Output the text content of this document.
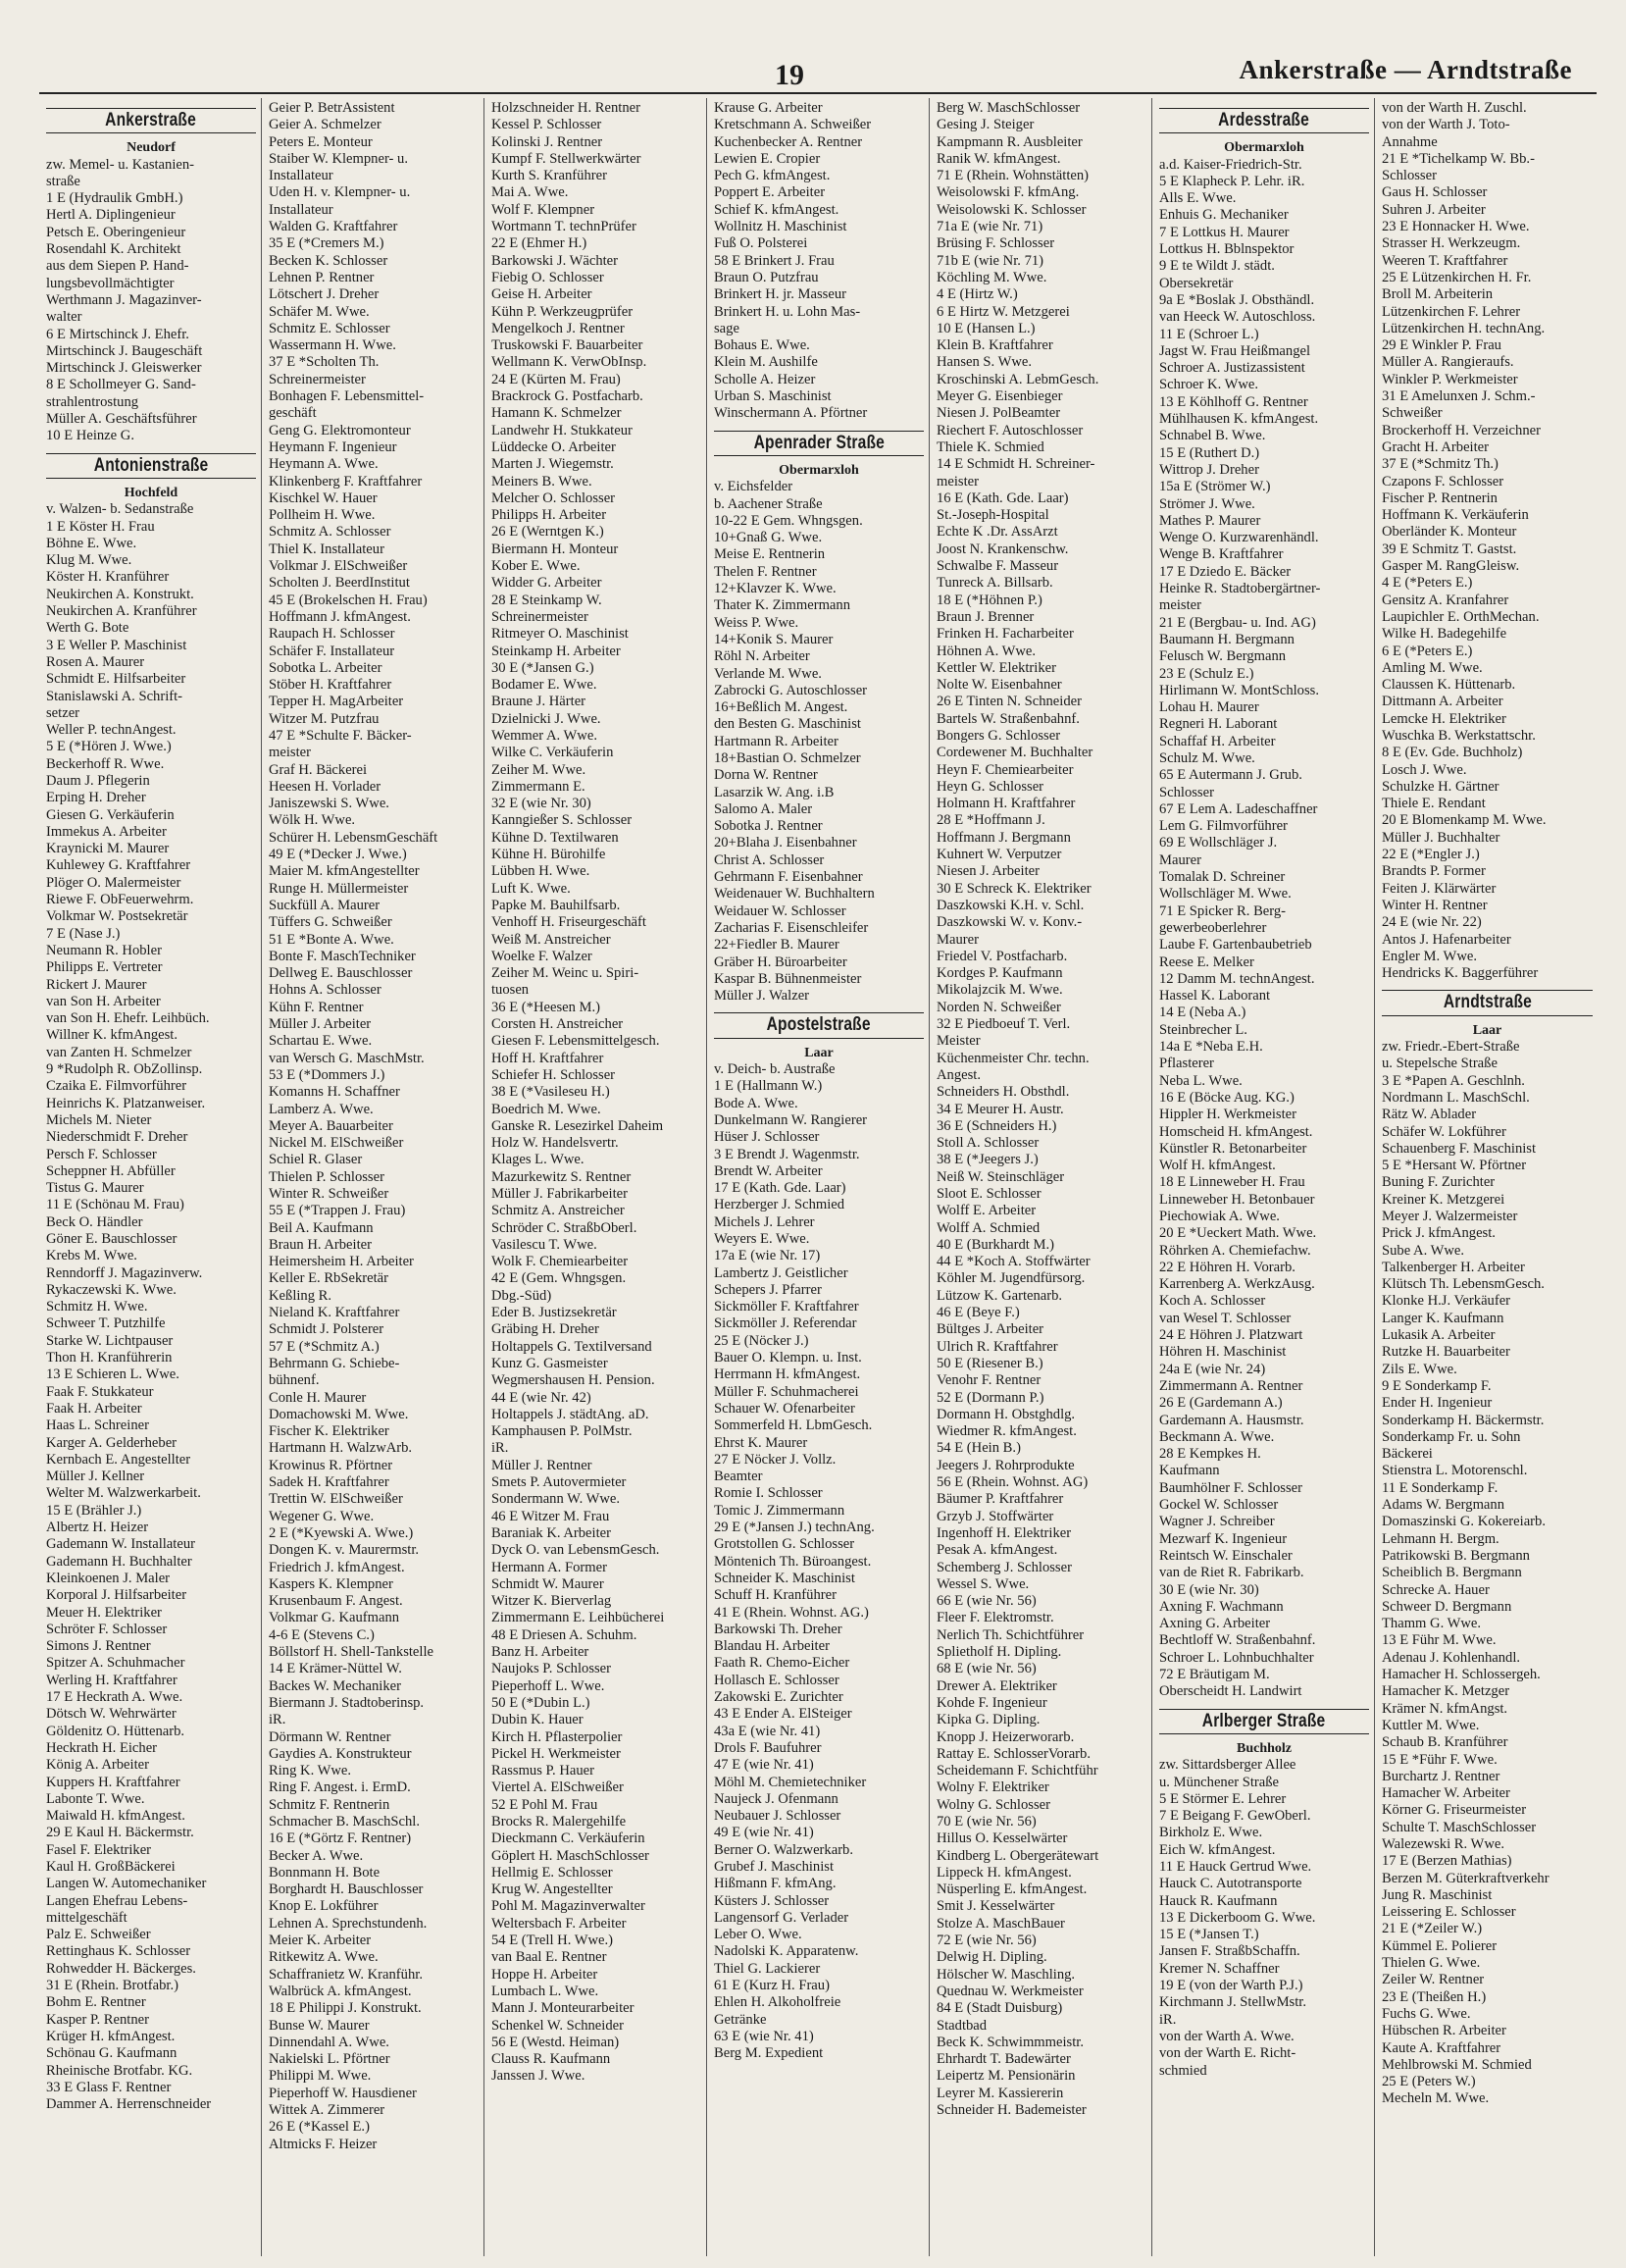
19	Ankerstraße — Arndtstraße
Ankerstraße
Neudorf
zw. Memel- u. Kastanien-
straße
1 E (Hydraulik GmbH.)
Hertl A. Diplingenieur
Petsch E. Oberingenieur
Rosendahl K. Architekt
aus dem Siepen P. Hand-
lungsbevollmächtigter
Werthmann J. Magazinver-
walter
6 E Mirtschinck J. Ehefr.
Mirtschinck J. Baugeschäft
Mirtschinck J. Gleiswerker
8 E Schollmeyer G. Sand-
strahlentrostung
Müller A. Geschäftsführer
10 E Heinze G.
Antonienstraße
Hochfeld
v. Walzen- b. Sedanstraße
1 E Köster H. Frau
Böhne E. Wwe.
Klug M. Wwe.
Köster H. Kranführer
Neukirchen A. Konstrukt.
Neukirchen A. Kranführer
Werth G. Bote
3 E Weller P. Maschinist
Rosen A. Maurer
Schmidt E. Hilfsarbeiter
Stanislawski A. Schrift-
setzer
Weller P. technAngest.
5 E (*Hören J. Wwe.)
Beckerhoff R. Wwe.
Daum J. Pflegerin
Erping H. Dreher
Giesen G. Verkäuferin
Immekus A. Arbeiter
Kraynicki M. Maurer
Kuhlewey G. Kraftfahrer
Plöger O. Malermeister
Riewe F. ObFeuerwehrm.
Volkmar W. Postsekretär
7 E (Nase J.)
Neumann R. Hobler
Philipps E. Vertreter
Rickert J. Maurer
van Son H. Arbeiter
van Son H. Ehefr. Leihbüch.
Willner K. kfmAngest.
van Zanten H. Schmelzer
9 *Rudolph R. ObZollinsp.
Czaika E. Filmvorführer
Heinrichs K. Platzanweiser.
Michels M. Nieter
Niederschmidt F. Dreher
Persch F. Schlosser
Scheppner H. Abfüller
Tistus G. Maurer
11 E (Schönau M. Frau)
Beck O. Händler
Göner E. Bauschlosser
Krebs M. Wwe.
Renndorff J. Magazinverw.
Rykaczewski K. Wwe.
Schmitz H. Wwe.
Schweer T. Putzhilfe
Starke W. Lichtpauser
Thon H. Kranführerin
13 E Schieren L. Wwe.
Faak F. Stukkateur
Faak H. Arbeiter
Haas L. Schreiner
Karger A. Gelderheber
Kernbach E. Angestellter
Müller J. Kellner
Welter M. Walzwerkarbeit.
15 E (Brähler J.)
Albertz H. Heizer
Gademann W. Installateur
Gademann H. Buchhalter
Kleinkoenen J. Maler
Korporal J. Hilfsarbeiter
Meuer H. Elektriker
Schröter F. Schlosser
Simons J. Rentner
Spitzer A. Schuhmacher
Werling H. Kraftfahrer
17 E Heckrath A. Wwe.
Dötsch W. Wehrwärter
Göldenitz O. Hüttenarb.
Heckrath H. Eicher
König A. Arbeiter
Kuppers H. Kraftfahrer
Labonte T. Wwe.
Maiwald H. kfmAngest.
29 E Kaul H. Bäckermstr.
Fasel F. Elektriker
Kaul H. GroßBäckerei
Langen W. Automechaniker
Langen Ehefrau Lebens-
mittelgeschäft
Palz E. Schweißer
Rettinghaus K. Schlosser
Rohwedder H. Bäckerges.
31 E (Rhein. Brotfabr.)
Bohm E. Rentner
Kasper P. Rentner
Krüger H. kfmAngest.
Schönau G. Kaufmann
Rheinische Brotfabr. KG.
33 E Glass F. Rentner
Dammer A. Herrenschneider
Geier P. BetrAssistent
Geier A. Schmelzer
Peters E. Monteur
Staiber W. Klempner- u.
Installateur
Uden H. v. Klempner- u.
Installateur
Walden G. Kraftfahrer
35 E (*Cremers M.)
Becken K. Schlosser
Lehnen P. Rentner
Lötschert J. Dreher
Schäfer M. Wwe.
Schmitz E. Schlosser
Wassermann H. Wwe.
37 E *Scholten Th.
Schreinermeister
Bonhagen F. Lebensmittel-
geschäft
Geng G. Elektromonteur
Heymann F. Ingenieur
Heymann A. Wwe.
Klinkenberg F. Kraftfahrer
Kischkel W. Hauer
Pollheim H. Wwe.
Schmitz A. Schlosser
Thiel K. Installateur
Volkmar J. ElSchweißer
Scholten J. BeerdInstitut
45 E (Brokelschen H. Frau)
Hoffmann J. kfmAngest.
Raupach H. Schlosser
Schäfer F. Installateur
Sobotka L. Arbeiter
Stöber H. Kraftfahrer
Tepper H. MagArbeiter
Witzer M. Putzfrau
47 E *Schulte F. Bäcker-
meister
Graf H. Bäckerei
Heesen H. Vorlader
Janiszewski S. Wwe.
Wölk H. Wwe.
Schürer H. LebensmGeschäft
49 E (*Decker J. Wwe.)
Maier M. kfmAngestellter
Runge H. Müllermeister
Suckfüll A. Maurer
Tüffers G. Schweißer
51 E *Bonte A. Wwe.
Bonte F. MaschTechniker
Dellweg E. Bauschlosser
Hohns A. Schlosser
Kühn F. Rentner
Müller J. Arbeiter
Schartau E. Wwe.
van Wersch G. MaschMstr.
53 E (*Dommers J.)
Komanns H. Schaffner
Lamberz A. Wwe.
Meyer A. Bauarbeiter
Nickel M. ElSchweißer
Schiel R. Glaser
Thielen P. Schlosser
Winter R. Schweißer
55 E (*Trappen J. Frau)
Beil A. Kaufmann
Braun H. Arbeiter
Heimersheim H. Arbeiter
Keller E. RbSekretär
Keßling R.
Nieland K. Kraftfahrer
Schmidt J. Polsterer
57 E (*Schmitz A.)
Behrmann G. Schiebe-
bühnenf.
Conle H. Maurer
Domachowski M. Wwe.
Fischer K. Elektriker
Hartmann H. WalzwArb.
Krowinus R. Pförtner
Sadek H. Kraftfahrer
Trettin W. ElSchweißer
Wegener G. Wwe.
2 E (*Kyewski A. Wwe.)
Dongen K. v. Maurermstr.
Friedrich J. kfmAngest.
Kaspers K. Klempner
Krusenbaum F. Angest.
Volkmar G. Kaufmann
4-6 E (Stevens C.)
Böllstorf H. Shell-Tankstelle
14 E Krämer-Nüttel W.
Backes W. Mechaniker
Biermann J. Stadtoberinsp.
iR.
Dörmann W. Rentner
Gaydies A. Konstrukteur
Ring K. Wwe.
Ring F. Angest. i. ErmD.
Schmitz F. Rentnerin
Schmacher B. MaschSchl.
16 E (*Görtz F. Rentner)
Becker A. Wwe.
Bonnmann H. Bote
Borghardt H. Bauschlosser
Knop E. Lokführer
Lehnen A. Sprechstundenh.
Meier K. Arbeiter
Ritkewitz A. Wwe.
Schaffranietz W. Kranführ.
Walbrück A. kfmAngest.
18 E Philippi J. Konstrukt.
Bunse W. Maurer
Dinnendahl A. Wwe.
Nakielski L. Pförtner
Philippi M. Wwe.
Pieperhoff W. Hausdiener
Wittek A. Zimmerer
26 E (*Kassel E.)
Altmicks F. Heizer
Holzschneider H. Rentner
Kessel P. Schlosser
Kolinski J. Rentner
Kumpf F. Stellwerkwärter
Kurth S. Kranführer
Mai A. Wwe.
Wolf F. Klempner
Wortmann T. technPrüfer
22 E (Ehmer H.)
Barkowski J. Wächter
Fiebig O. Schlosser
Geise H. Arbeiter
Kühn P. Werkzeugprüfer
Mengelkoch J. Rentner
Truskowski F. Bauarbeiter
Wellmann K. VerwObInsp.
24 E (Kürten M. Frau)
Brackrock G. Postfacharb.
Hamann K. Schmelzer
Landwehr H. Stukkateur
Lüddecke O. Arbeiter
Marten J. Wiegemstr.
Meiners B. Wwe.
Melcher O. Schlosser
Philipps H. Arbeiter
26 E (Werntgen K.)
Biermann H. Monteur
Kober E. Wwe.
Widder G. Arbeiter
28 E Steinkamp W.
Schreinermeister
Ritmeyer O. Maschinist
Steinkamp H. Arbeiter
30 E (*Jansen G.)
Bodamer E. Wwe.
Braune J. Härter
Dzielnicki J. Wwe.
Wemmer A. Wwe.
Wilke C. Verkäuferin
Zeiher M. Wwe.
Zimmermann E.
32 E (wie Nr. 30)
Kanngießer S. Schlosser
Kühne D. Textilwaren
Kühne H. Bürohilfe
Lübben H. Wwe.
Luft K. Wwe.
Papke M. Bauhilfsarb.
Venhoff H. Friseurgeschäft
Weiß M. Anstreicher
Woelke F. Walzer
Zeiher M. Weinc u. Spiri-
tuosen
36 E (*Heesen M.)
Corsten H. Anstreicher
Giesen F. Lebensmittelgesch.
Hoff H. Kraftfahrer
Schiefer H. Schlosser
38 E (*Vasileseu H.)
Boedrich M. Wwe.
Ganske R. Lesezirkel Daheim
Holz W. Handelsvertr.
Klages L. Wwe.
Mazurkewitz S. Rentner
Müller J. Fabrikarbeiter
Schmitz A. Anstreicher
Schröder C. StraßbOberl.
Vasilescu T. Wwe.
Wolk F. Chemiearbeiter
42 E (Gem. Whngsgen.
Dbg.-Süd)
Eder B. Justizsekretär
Gräbing H. Dreher
Holtappels G. Textilversand
Kunz G. Gasmeister
Wegmershausen H. Pension.
44 E (wie Nr. 42)
Holtappels J. städtAng. aD.
Kamphausen P. PolMstr.
iR.
Müller J. Rentner
Smets P. Autovermieter
Sondermann W. Wwe.
46 E Witzer M. Frau
Baraniak K. Arbeiter
Dyck O. van LebensmGesch.
Hermann A. Former
Schmidt W. Maurer
Witzer K. Bierverlag
Zimmermann E. Leihbücherei
48 E Driesen A. Schuhm.
Banz H. Arbeiter
Naujoks P. Schlosser
Pieperhoff L. Wwe.
50 E (*Dubin L.)
Dubin K. Hauer
Kirch H. Pflasterpolier
Pickel H. Werkmeister
Rassmus P. Hauer
Viertel A. ElSchweißer
52 E Pohl M. Frau
Brocks R. Malergehilfe
Dieckmann C. Verkäuferin
Göplert H. MaschSchlosser
Hellmig E. Schlosser
Krug W. Angestellter
Pohl M. Magazinverwalter
Weltersbach F. Arbeiter
54 E (Trell H. Wwe.)
van Baal E. Rentner
Hoppe H. Arbeiter
Lumbach L. Wwe.
Mann J. Monteurarbeiter
Schenkel W. Schneider
56 E (Westd. Heiman)
Clauss R. Kaufmann
Janssen J. Wwe.
Krause G. Arbeiter
Kretschmann A. Schweißer
Kuchenbecker A. Rentner
Lewien E. Cropier
Pech G. kfmAngest.
Poppert E. Arbeiter
Schief K. kfmAngest.
Wollnitz H. Maschinist
Fuß O. Polsterei
58 E Brinkert J. Frau
Braun O. Putzfrau
Brinkert H. jr. Masseur
Brinkert H. u. Lohn Mas-
sage
Bohaus E. Wwe.
Klein M. Aushilfe
Scholle A. Heizer
Urban S. Maschinist
Winschermann A. Pförtner
Apenrader Straße
Obermarxloh
v. Eichsfelder
b. Aachener Straße
10-22 E Gem. Whngsgen.
10+Gnaß G. Wwe.
Meise E. Rentnerin
Thelen F. Rentner
12+Klavzer K. Wwe.
Thater K. Zimmermann
Weiss P. Wwe.
14+Konik S. Maurer
Röhl N. Arbeiter
Verlande M. Wwe.
Zabrocki G. Autoschlosser
16+Beßlich M. Angest.
den Besten G. Maschinist
Hartmann R. Arbeiter
18+Bastian O. Schmelzer
Dorna W. Rentner
Lasarzik W. Ang. i.B
Salomo A. Maler
Sobotka J. Rentner
20+Blaha J. Eisenbahner
Christ A. Schlosser
Gehrmann F. Eisenbahner
Weidenauer W. Buchhaltern
Weidauer W. Schlosser
Zacharias F. Eisenschleifer
22+Fiedler B. Maurer
Gräber H. Büroarbeiter
Kaspar B. Bühnenmeister
Müller J. Walzer
Apostelstraße
Laar
v. Deich- b. Austraße
1 E (Hallmann W.)
Bode A. Wwe.
Dunkelmann W. Rangierer
Hüser J. Schlosser
3 E Brendt J. Wagenmstr.
Brendt W. Arbeiter
17 E (Kath. Gde. Laar)
Herzberger J. Schmied
Michels J. Lehrer
Weyers E. Wwe.
17a E (wie Nr. 17)
Lambertz J. Geistlicher
Schepers J. Pfarrer
Sickmöller F. Kraftfahrer
Sickmöller J. Referendar
25 E (Nöcker J.)
Bauer O. Klempn. u. Inst.
Herrmann H. kfmAngest.
Müller F. Schuhmacherei
Schauer W. Ofenarbeiter
Sommerfeld H. LbmGesch.
Ehrst K. Maurer
27 E Nöcker J. Vollz.
Beamter
Romie I. Schlosser
Tomic J. Zimmermann
29 E (*Jansen J.) technAng.
Grotstollen G. Schlosser
Möntenich Th. Büroangest.
Schneider K. Maschinist
Schuff H. Kranführer
41 E (Rhein. Wohnst. AG.)
Barkowski Th. Dreher
Blandau H. Arbeiter
Faath R. Chemo-Eicher
Hollasch E. Schlosser
Zakowski E. Zurichter
43 E Ender A. ElSteiger
43a E (wie Nr. 41)
Drols F. Baufuhrer
47 E (wie Nr. 41)
Möhl M. Chemietechniker
Naujeck J. Ofenmann
Neubauer J. Schlosser
49 E (wie Nr. 41)
Berner O. Walzwerkarb.
Grubef J. Maschinist
Hißmann F. kfmAng.
Küsters J. Schlosser
Langensorf G. Verlader
Leber O. Wwe.
Nadolski K. Apparatenw.
Thiel G. Lackierer
61 E (Kurz H. Frau)
Ehlen H. Alkoholfreie
Getränke
63 E (wie Nr. 41)
Berg M. Expedient
Berg W. MaschSchlosser
Gesing J. Steiger
Kampmann R. Ausbleiter
Ranik W. kfmAngest.
71 E (Rhein. Wohnstätten)
Weisolowski F. kfmAng.
Weisolowski K. Schlosser
71a E (wie Nr. 71)
Brüsing F. Schlosser
71b E (wie Nr. 71)
Köchling M. Wwe.
4 E (Hirtz W.)
6 E Hirtz W. Metzgerei
10 E (Hansen L.)
Klein B. Kraftfahrer
Hansen S. Wwe.
Kroschinski A. LebmGesch.
Meyer G. Eisenbieger
Niesen J. PolBeamter
Riechert F. Autoschlosser
Thiele K. Schmied
14 E Schmidt H. Schreiner-
meister
16 E (Kath. Gde. Laar)
St.-Joseph-Hospital
Echte K .Dr. AssArzt
Joost N. Krankenschw.
Schwalbe F. Masseur
Tunreck A. Billsarb.
18 E (*Höhnen P.)
Braun J. Brenner
Frinken H. Facharbeiter
Höhnen A. Wwe.
Kettler W. Elektriker
Nolte W. Eisenbahner
26 E Tinten N. Schneider
Bartels W. Straßenbahnf.
Bongers G. Schlosser
Cordewener M. Buchhalter
Heyn F. Chemiearbeiter
Heyn G. Schlosser
Holmann H. Kraftfahrer
28 E *Hoffmann J.
Hoffmann J. Bergmann
Kuhnert W. Verputzer
Niesen J. Arbeiter
30 E Schreck K. Elektriker
Daszkowski K.H. v. Schl.
Daszkowski W. v. Konv.-
Maurer
Friedel V. Postfacharb.
Kordges P. Kaufmann
Mikolajzcik M. Wwe.
Norden N. Schweißer
32 E Piedboeuf T. Verl.
Meister
Küchenmeister Chr. techn.
Angest.
Schneiders H. Obsthdl.
34 E Meurer H. Austr.
36 E (Schneiders H.)
Stoll A. Schlosser
38 E (*Jeegers J.)
Neiß W. Steinschläger
Sloot E. Schlosser
Wolff E. Arbeiter
Wolff A. Schmied
40 E (Burkhardt M.)
44 E *Koch A. Stoffwärter
Köhler M. Jugendfürsorg.
Lützow K. Gartenarb.
46 E (Beye F.)
Bültges J. Arbeiter
Ulrich R. Kraftfahrer
50 E (Riesener B.)
Venohr F. Rentner
52 E (Dormann P.)
Dormann H. Obstghdlg.
Wiedmer R. kfmAngest.
54 E (Hein B.)
Jeegers J. Rohrprodukte
56 E (Rhein. Wohnst. AG)
Bäumer P. Kraftfahrer
Grzyb J. Stoffwärter
Ingenhoff H. Elektriker
Pesak A. kfmAngest.
Schemberg J. Schlosser
Wessel S. Wwe.
66 E (wie Nr. 56)
Fleer F. Elektromstr.
Nerlich Th. Schichtführer
Splietholf H. Dipling.
68 E (wie Nr. 56)
Drewer A. Elektriker
Kohde F. Ingenieur
Kipka G. Dipling.
Knopp J. Heizerworarb.
Rattay E. SchlosserVorarb.
Scheidemann F. Schichtführ
Wolny F. Elektriker
Wolny G. Schlosser
70 E (wie Nr. 56)
Hillus O. Kesselwärter
Kindberg L. Obergerätewart
Lippeck H. kfmAngest.
Nüsperling E. kfmAngest.
Smit J. Kesselwärter
Stolze A. MaschBauer
72 E (wie Nr. 56)
Delwig H. Dipling.
Hölscher W. Maschling.
Quednau W. Werkmeister
84 E (Stadt Duisburg)
Stadtbad
Beck K. Schwimmmeistr.
Ehrhardt T. Badewärter
Leipertz M. Pensionärin
Leyrer M. Kassiererin
Schneider H. Bademeister
Ardesstraße
Obermarxloh
a.d. Kaiser-Friedrich-Str.
5 E Klapheck P. Lehr. iR.
Alls E. Wwe.
Enhuis G. Mechaniker
7 E Lottkus H. Maurer
Lottkus H. Bblnspektor
9 E te Wildt J. städt.
Obersekretär
9a E *Boslak J. Obsthändl.
van Heeck W. Autoschloss.
11 E (Schroer L.)
Jagst W. Frau Heißmangel
Schroer A. Justizassistent
Schroer K. Wwe.
13 E Köhlhoff G. Rentner
Mühlhausen K. kfmAngest.
Schnabel B. Wwe.
15 E (Ruthert D.)
Wittrop J. Dreher
15a E (Strömer W.)
Strömer J. Wwe.
Mathes P. Maurer
Wenge O. Kurzwarenhändl.
Wenge B. Kraftfahrer
17 E Dziedo E. Bäcker
Heinke R. Stadtobergärtner-
meister
21 E (Bergbau- u. Ind. AG)
Baumann H. Bergmann
Felusch W. Bergmann
23 E (Schulz E.)
Hirlimann W. MontSchloss.
Lohau H. Maurer
Regneri H. Laborant
Schaffaf H. Arbeiter
Schulz M. Wwe.
65 E Autermann J. Grub.
Schlosser
67 E Lem A. Ladeschaffner
Lem G. Filmvorführer
69 E Wollschläger J.
Maurer
Tomalak D. Schreiner
Wollschläger M. Wwe.
71 E Spicker R. Berg-
gewerbeoberlehrer
Laube F. Gartenbaubetrieb
Reese E. Melker
12 Damm M. technAngest.
Hassel K. Laborant
14 E (Neba A.)
Steinbrecher L.
14a E *Neba E.H.
Pflasterer
Neba L. Wwe.
16 E (Böcke Aug. KG.)
Hippler H. Werkmeister
Homscheid H. kfmAngest.
Künstler R. Betonarbeiter
Wolf H. kfmAngest.
18 E Linneweber H. Frau
Linneweber H. Betonbauer
Piechowiak A. Wwe.
20 E *Ueckert Math. Wwe.
Röhrken A. Chemiefachw.
22 E Höhren H. Vorarb.
Karrenberg A. WerkzAusg.
Koch A. Schlosser
van Wesel T. Schlosser
24 E Höhren J. Platzwart
Höhren H. Maschinist
24a E (wie Nr. 24)
Zimmermann A. Rentner
26 E (Gardemann A.)
Gardemann A. Hausmstr.
Beckmann A. Wwe.
28 E Kempkes H.
Kaufmann
Baumhölner F. Schlosser
Gockel W. Schlosser
Wagner J. Schreiber
Mezwarf K. Ingenieur
Reintsch W. Einschaler
van de Riet R. Fabrikarb.
30 E (wie Nr. 30)
Axning F. Wachmann
Axning G. Arbeiter
Bechtloff W. Straßenbahnf.
Schroer L. Lohnbuchhalter
72 E Bräutigam M.
Oberscheidt H. Landwirt
Arlberger Straße
Buchholz
zw. Sittardsberger Allee
u. Münchener Straße
5 E Störmer E. Lehrer
7 E Beigang F. GewOberl.
Birkholz E. Wwe.
Eich W. kfmAngest.
11 E Hauck Gertrud Wwe.
Hauck C. Autotransporte
Hauck R. Kaufmann
13 E Dickerboom G. Wwe.
15 E (*Jansen T.)
Jansen F. StraßbSchaffn.
Kremer N. Schaffner
19 E (von der Warth P.J.)
Kirchmann J. StellwMstr.
iR.
von der Warth A. Wwe.
von der Warth E. Richt-
schmied
von der Warth H. Zuschl.
von der Warth J. Toto-
Annahme
21 E *Tichelkamp W. Bb.-
Schlosser
Gaus H. Schlosser
Suhren J. Arbeiter
23 E Honnacker H. Wwe.
Strasser H. Werkzeugm.
Weeren T. Kraftfahrer
25 E Lützenkirchen H. Fr.
Broll M. Arbeiterin
Lützenkirchen F. Lehrer
Lützenkirchen H. technAng.
29 E Winkler P. Frau
Müller A. Rangieraufs.
Winkler P. Werkmeister
31 E Amelunxen J. Schm.-
Schweißer
Brockerhoff H. Verzeichner
Gracht H. Arbeiter
37 E (*Schmitz Th.)
Czapons F. Schlosser
Fischer P. Rentnerin
Hoffmann K. Verkäuferin
Oberländer K. Monteur
39 E Schmitz T. Gastst.
Gasper M. RangGleisw.
4 E (*Peters E.)
Gensitz A. Kranfahrer
Laupichler E. OrthMechan.
Wilke H. Badegehilfe
6 E (*Peters E.)
Amling M. Wwe.
Claussen K. Hüttenarb.
Dittmann A. Arbeiter
Lemcke H. Elektriker
Wuschka B. Werkstattschr.
8 E (Ev. Gde. Buchholz)
Losch J. Wwe.
Schulzke H. Gärtner
Thiele E. Rendant
20 E Blomenkamp M. Wwe.
Müller J. Buchhalter
22 E (*Engler J.)
Brandts P. Former
Feiten J. Klärwärter
Winter H. Rentner
24 E (wie Nr. 22)
Antos J. Hafenarbeiter
Engler M. Wwe.
Hendricks K. Baggerführer
Arndtstraße
Laar
zw. Friedr.-Ebert-Straße
u. Stepelsche Straße
3 E *Papen A. Geschlnh.
Nordmann L. MaschSchl.
Rätz W. Ablader
Schäfer W. Lokführer
Schauenberg F. Maschinist
5 E *Hersant W. Pförtner
Buning F. Zurichter
Kreiner K. Metzgerei
Meyer J. Walzermeister
Prick J. kfmAngest.
Sube A. Wwe.
Talkenberger H. Arbeiter
Klütsch Th. LebensmGesch.
Klonke H.J. Verkäufer
Langer K. Kaufmann
Lukasik A. Arbeiter
Rutzke H. Bauarbeiter
Zils E. Wwe.
9 E Sonderkamp F.
Ender H. Ingenieur
Sonderkamp H. Bäckermstr.
Sonderkamp Fr. u. Sohn
Bäckerei
Stienstra L. Motorenschl.
11 E Sonderkamp F.
Adams W. Bergmann
Domaszinski G. Kokereiarb.
Lehmann H. Bergm.
Patrikowski B. Bergmann
Scheiblich B. Bergmann
Schrecke A. Hauer
Schweer D. Bergmann
Thamm G. Wwe.
13 E Führ M. Wwe.
Adenau J. Kohlenhandl.
Hamacher H. Schlossergeh.
Hamacher K. Metzger
Krämer N. kfmAngst.
Kuttler M. Wwe.
Schaub B. Kranführer
15 E *Führ F. Wwe.
Burchartz J. Rentner
Hamacher W. Arbeiter
Körner G. Friseurmeister
Schulte T. MaschSchlosser
Walezewski R. Wwe.
17 E (Berzen Mathias)
Berzen M. Güterkraftverkehr
Jung R. Maschinist
Leissering E. Schlosser
21 E (*Zeiler W.)
Kümmel E. Polierer
Thielen G. Wwe.
Zeiler W. Rentner
23 E (Theißen H.)
Fuchs G. Wwe.
Hübschen R. Arbeiter
Kaute A. Kraftfahrer
Mehlbrowski M. Schmied
25 E (Peters W.)
Mecheln M. Wwe.
